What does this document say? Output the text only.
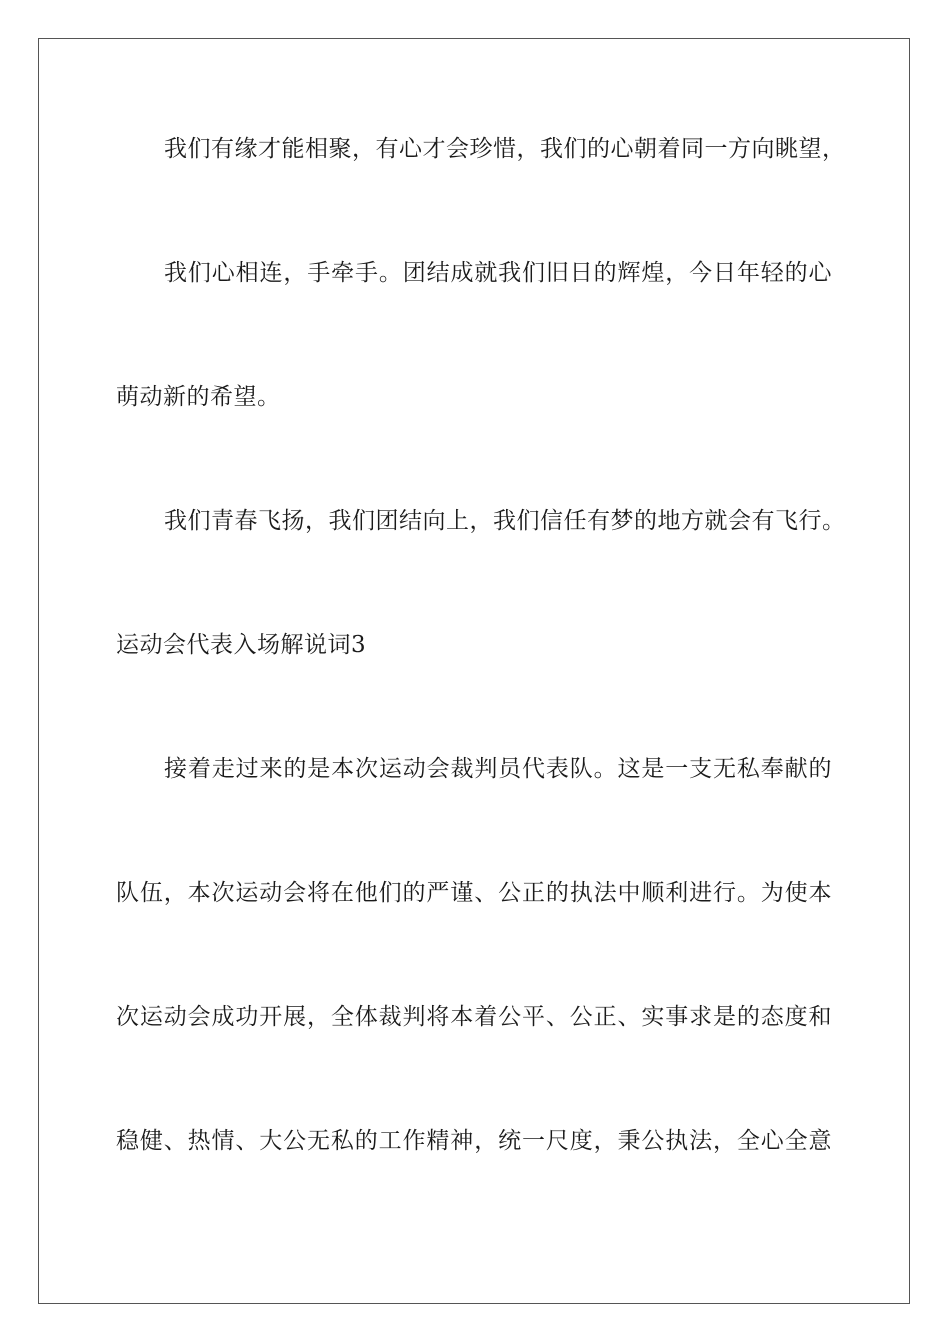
我们有缘才能相聚，有心才会珍惜，我们的心朝着同一方向眺望，
我们心相连，手牵手。团结成就我们旧日的辉煌，今日年轻的心
萌动新的希望。
我们青春飞扬，我们团结向上，我们信任有梦的地方就会有飞行。
运动会代表入场解说词3
接着走过来的是本次运动会裁判员代表队。这是一支无私奉献的
队伍，本次运动会将在他们的严谨、公正的执法中顺利进行。为使本
次运动会成功开展，全体裁判将本着公平、公正、实事求是的态度和
稳健、热情、大公无私的工作精神，统一尺度，秉公执法，全心全意
